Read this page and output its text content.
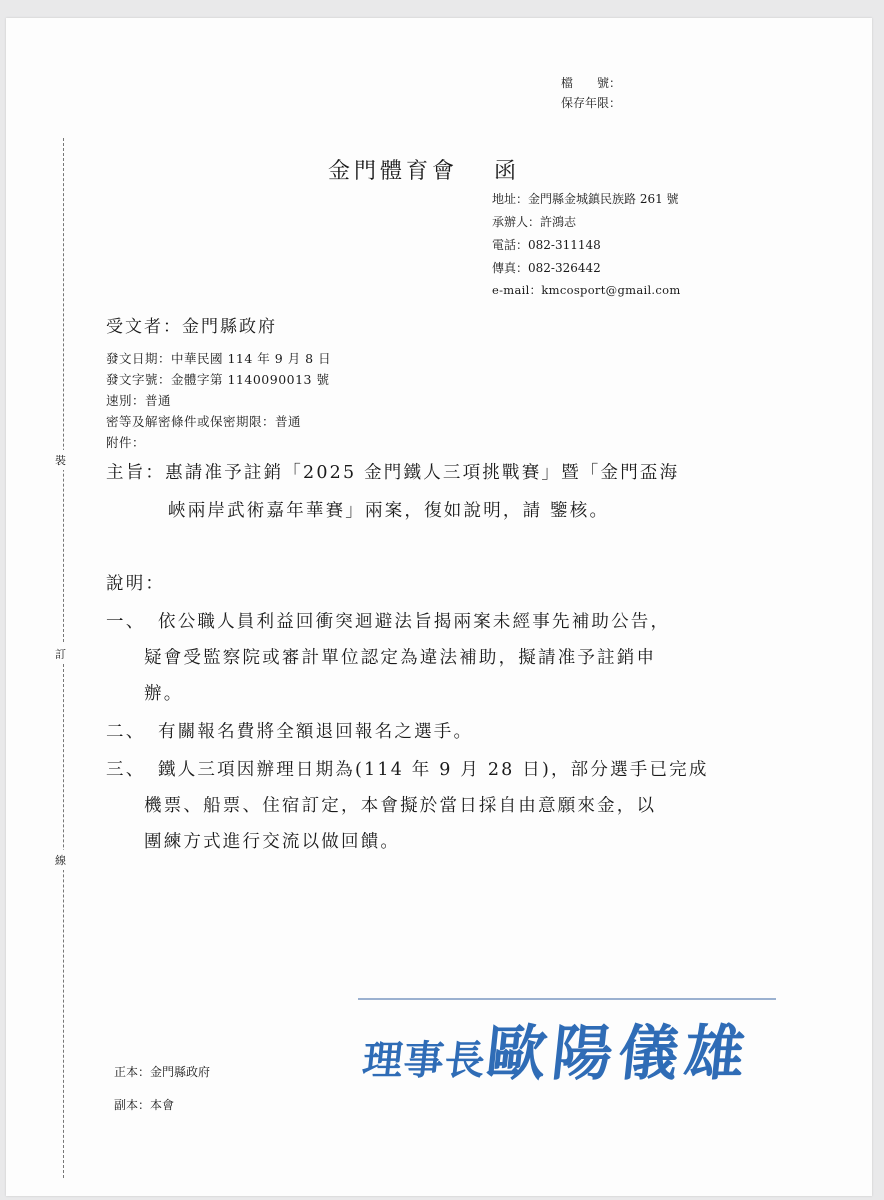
裝
訂
線
檔　　號：
保存年限：
金門體育會 函
地址：金門縣金城鎮民族路 261 號
承辦人：許鴻志
電話：082-311148
傳真：082-326442
e-mail：kmcosport@gmail.com
受文者：金門縣政府
發文日期：中華民國 114 年 9 月 8 日
發文字號：金體字第 1140090013 號
速別：普通
密等及解密條件或保密期限：普通
附件：
主旨：惠請准予註銷「2025 金門鐵人三項挑戰賽」暨「金門盃海
峽兩岸武術嘉年華賽」兩案，復如說明，請 鑒核。
說明：
一、 依公職人員利益回衝突迴避法旨揭兩案未經事先補助公告，
疑會受監察院或審計單位認定為違法補助，擬請准予註銷申
辦。
二、 有關報名費將全額退回報名之選手。
三、 鐵人三項因辦理日期為(114 年 9 月 28 日)，部分選手已完成
機票、船票、住宿訂定，本會擬於當日採自由意願來金，以
團練方式進行交流以做回饋。
理事長歐陽儀雄
正本：金門縣政府
副本：本會
